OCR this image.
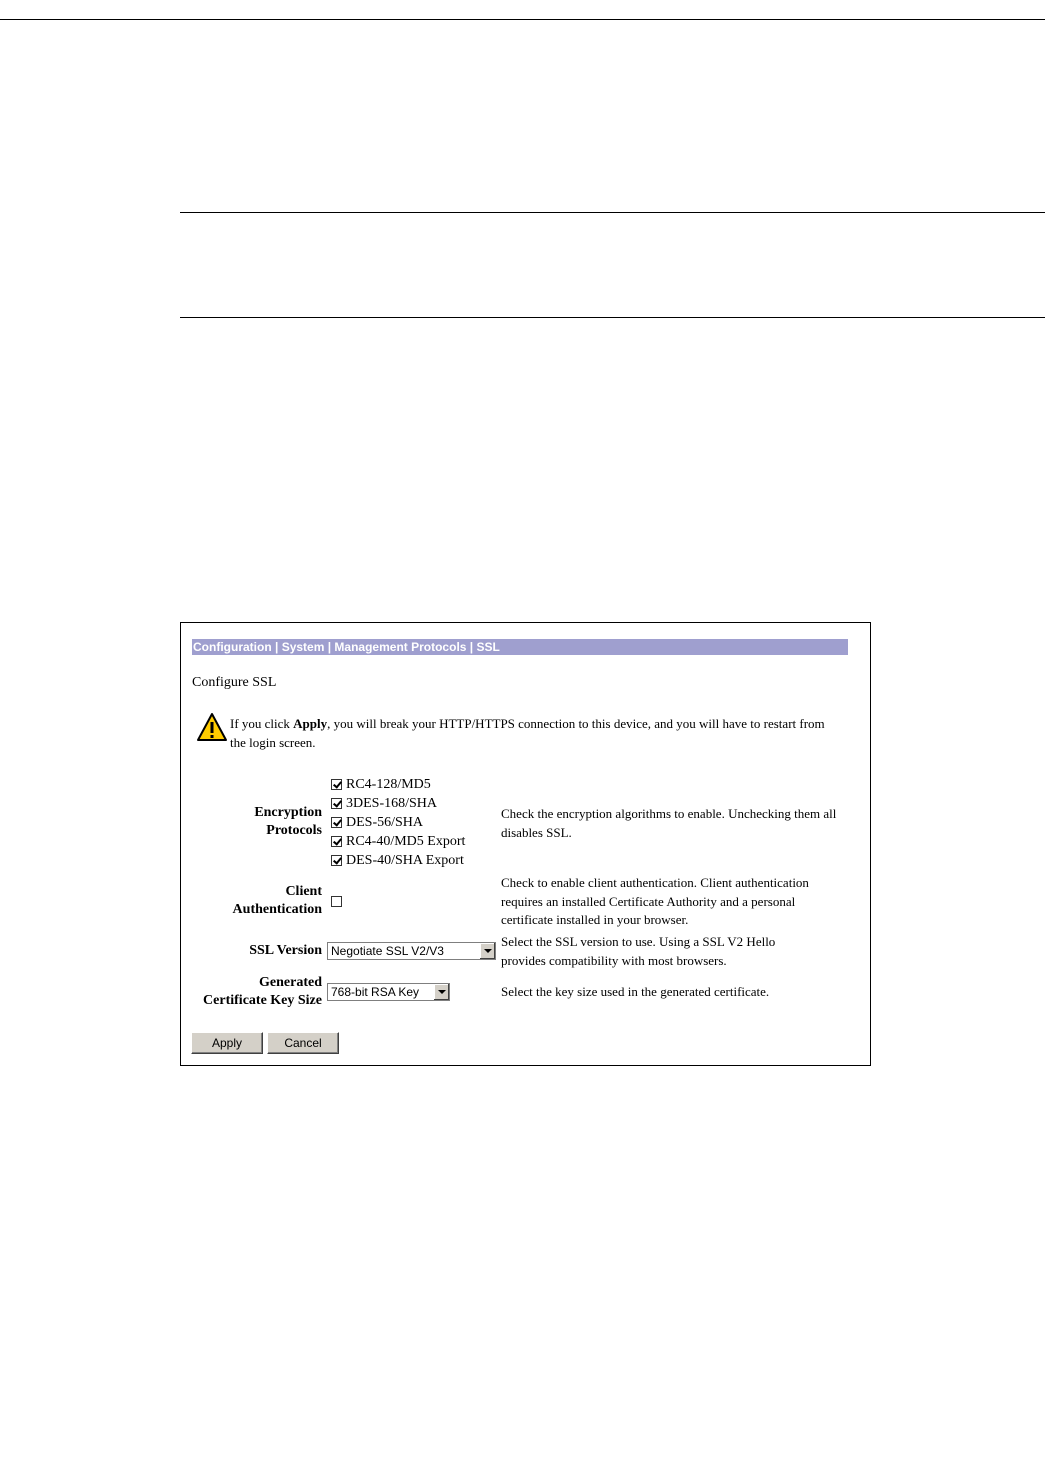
Configuration | System | Management Protocols | SSL
Configure SSL
If you click Apply, you will break your HTTP/HTTPS connection to this device, and you will have to restart from the login screen.
Encryption
Protocols
RC4-128/MD5
3DES-168/SHA
DES-56/SHA
RC4-40/MD5 Export
DES-40/SHA Export
Check the encryption algorithms to enable. Unchecking them all disables SSL.
Client
Authentication
Check to enable client authentication. Client authentication requires an installed Certificate Authority and a personal certificate installed in your browser.
SSL Version Negotiate SSL V2/V3
Select the SSL version to use. Using a SSL V2 Hello provides compatibility with most browsers.
Generated
Certificate Key Size
768-bit RSA Key	Select the key size used in the generated certificate.
Apply	Cancel
